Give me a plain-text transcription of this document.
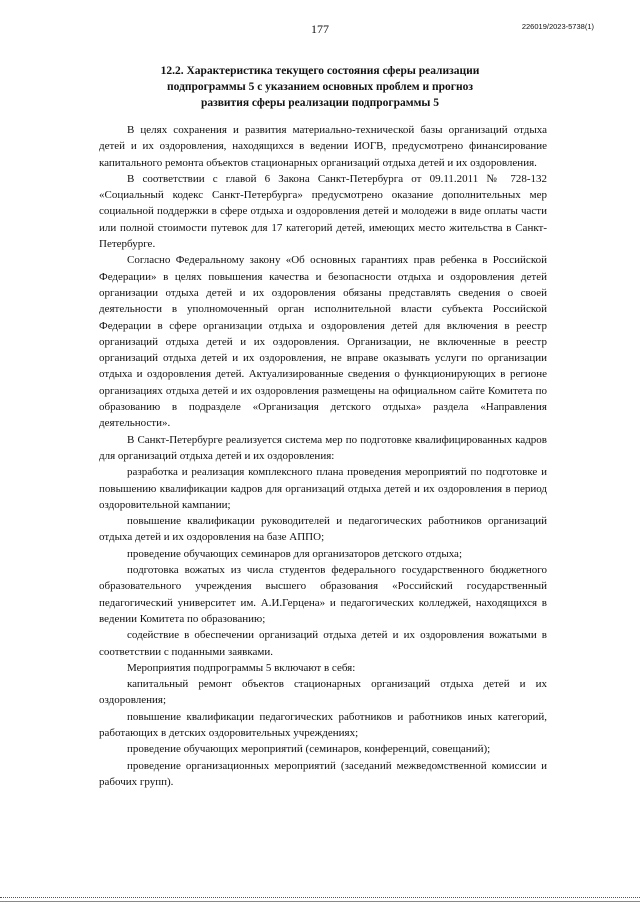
177	226019/2023-5738(1)

12.2. Характеристика текущего состояния сферы реализации
подпрограммы 5 с указанием основных проблем и прогноз
развития сферы реализации подпрограммы 5

В целях сохранения и развития материально-технической базы организаций отдыха детей и их оздоровления, находящихся в ведении ИОГВ, предусмотрено финансирование капитального ремонта объектов стационарных организаций отдыха детей и их оздоровления.

В соответствии с главой 6 Закона Санкт-Петербурга от 09.11.2011 № 728-132 «Социальный кодекс Санкт-Петербурга» предусмотрено оказание дополнительных мер социальной поддержки в сфере отдыха и оздоровления детей и молодежи в виде оплаты части или полной стоимости путевок для 17 категорий детей, имеющих место жительства в Санкт-Петербурге.

Согласно Федеральному закону «Об основных гарантиях прав ребенка в Российской Федерации» в целях повышения качества и безопасности отдыха и оздоровления детей организации отдыха детей и их оздоровления обязаны представлять сведения о своей деятельности в уполномоченный орган исполнительной власти субъекта Российской Федерации в сфере организации отдыха и оздоровления детей для включения в реестр организаций отдыха детей и их оздоровления. Организации, не включенные в реестр организаций отдыха детей и их оздоровления, не вправе оказывать услуги по организации отдыха и оздоровления детей. Актуализированные сведения о функционирующих в регионе организациях отдыха детей и их оздоровления размещены на официальном сайте Комитета по образованию в подразделе «Организация детского отдыха» раздела «Направления деятельности».

В Санкт-Петербурге реализуется система мер по подготовке квалифицированных кадров для организаций отдыха детей и их оздоровления:

разработка и реализация комплексного плана проведения мероприятий по подготовке и повышению квалификации кадров для организаций отдыха детей и их оздоровления в период оздоровительной кампании;

повышение квалификации руководителей и педагогических работников организаций отдыха детей и их оздоровления на базе АППО;

проведение обучающих семинаров для организаторов детского отдыха;

подготовка вожатых из числа студентов федерального государственного бюджетного образовательного учреждения высшего образования «Российский государственный педагогический университет им. А.И.Герцена» и педагогических колледжей, находящихся в ведении Комитета по образованию;

содействие в обеспечении организаций отдыха детей и их оздоровления вожатыми в соответствии с поданными заявками.

Мероприятия подпрограммы 5 включают в себя:

капитальный ремонт объектов стационарных организаций отдыха детей и их оздоровления;

повышение квалификации педагогических работников и работников иных категорий, работающих в детских оздоровительных учреждениях;

проведение обучающих мероприятий (семинаров, конференций, совещаний);

проведение организационных мероприятий (заседаний межведомственной комиссии и рабочих групп).
